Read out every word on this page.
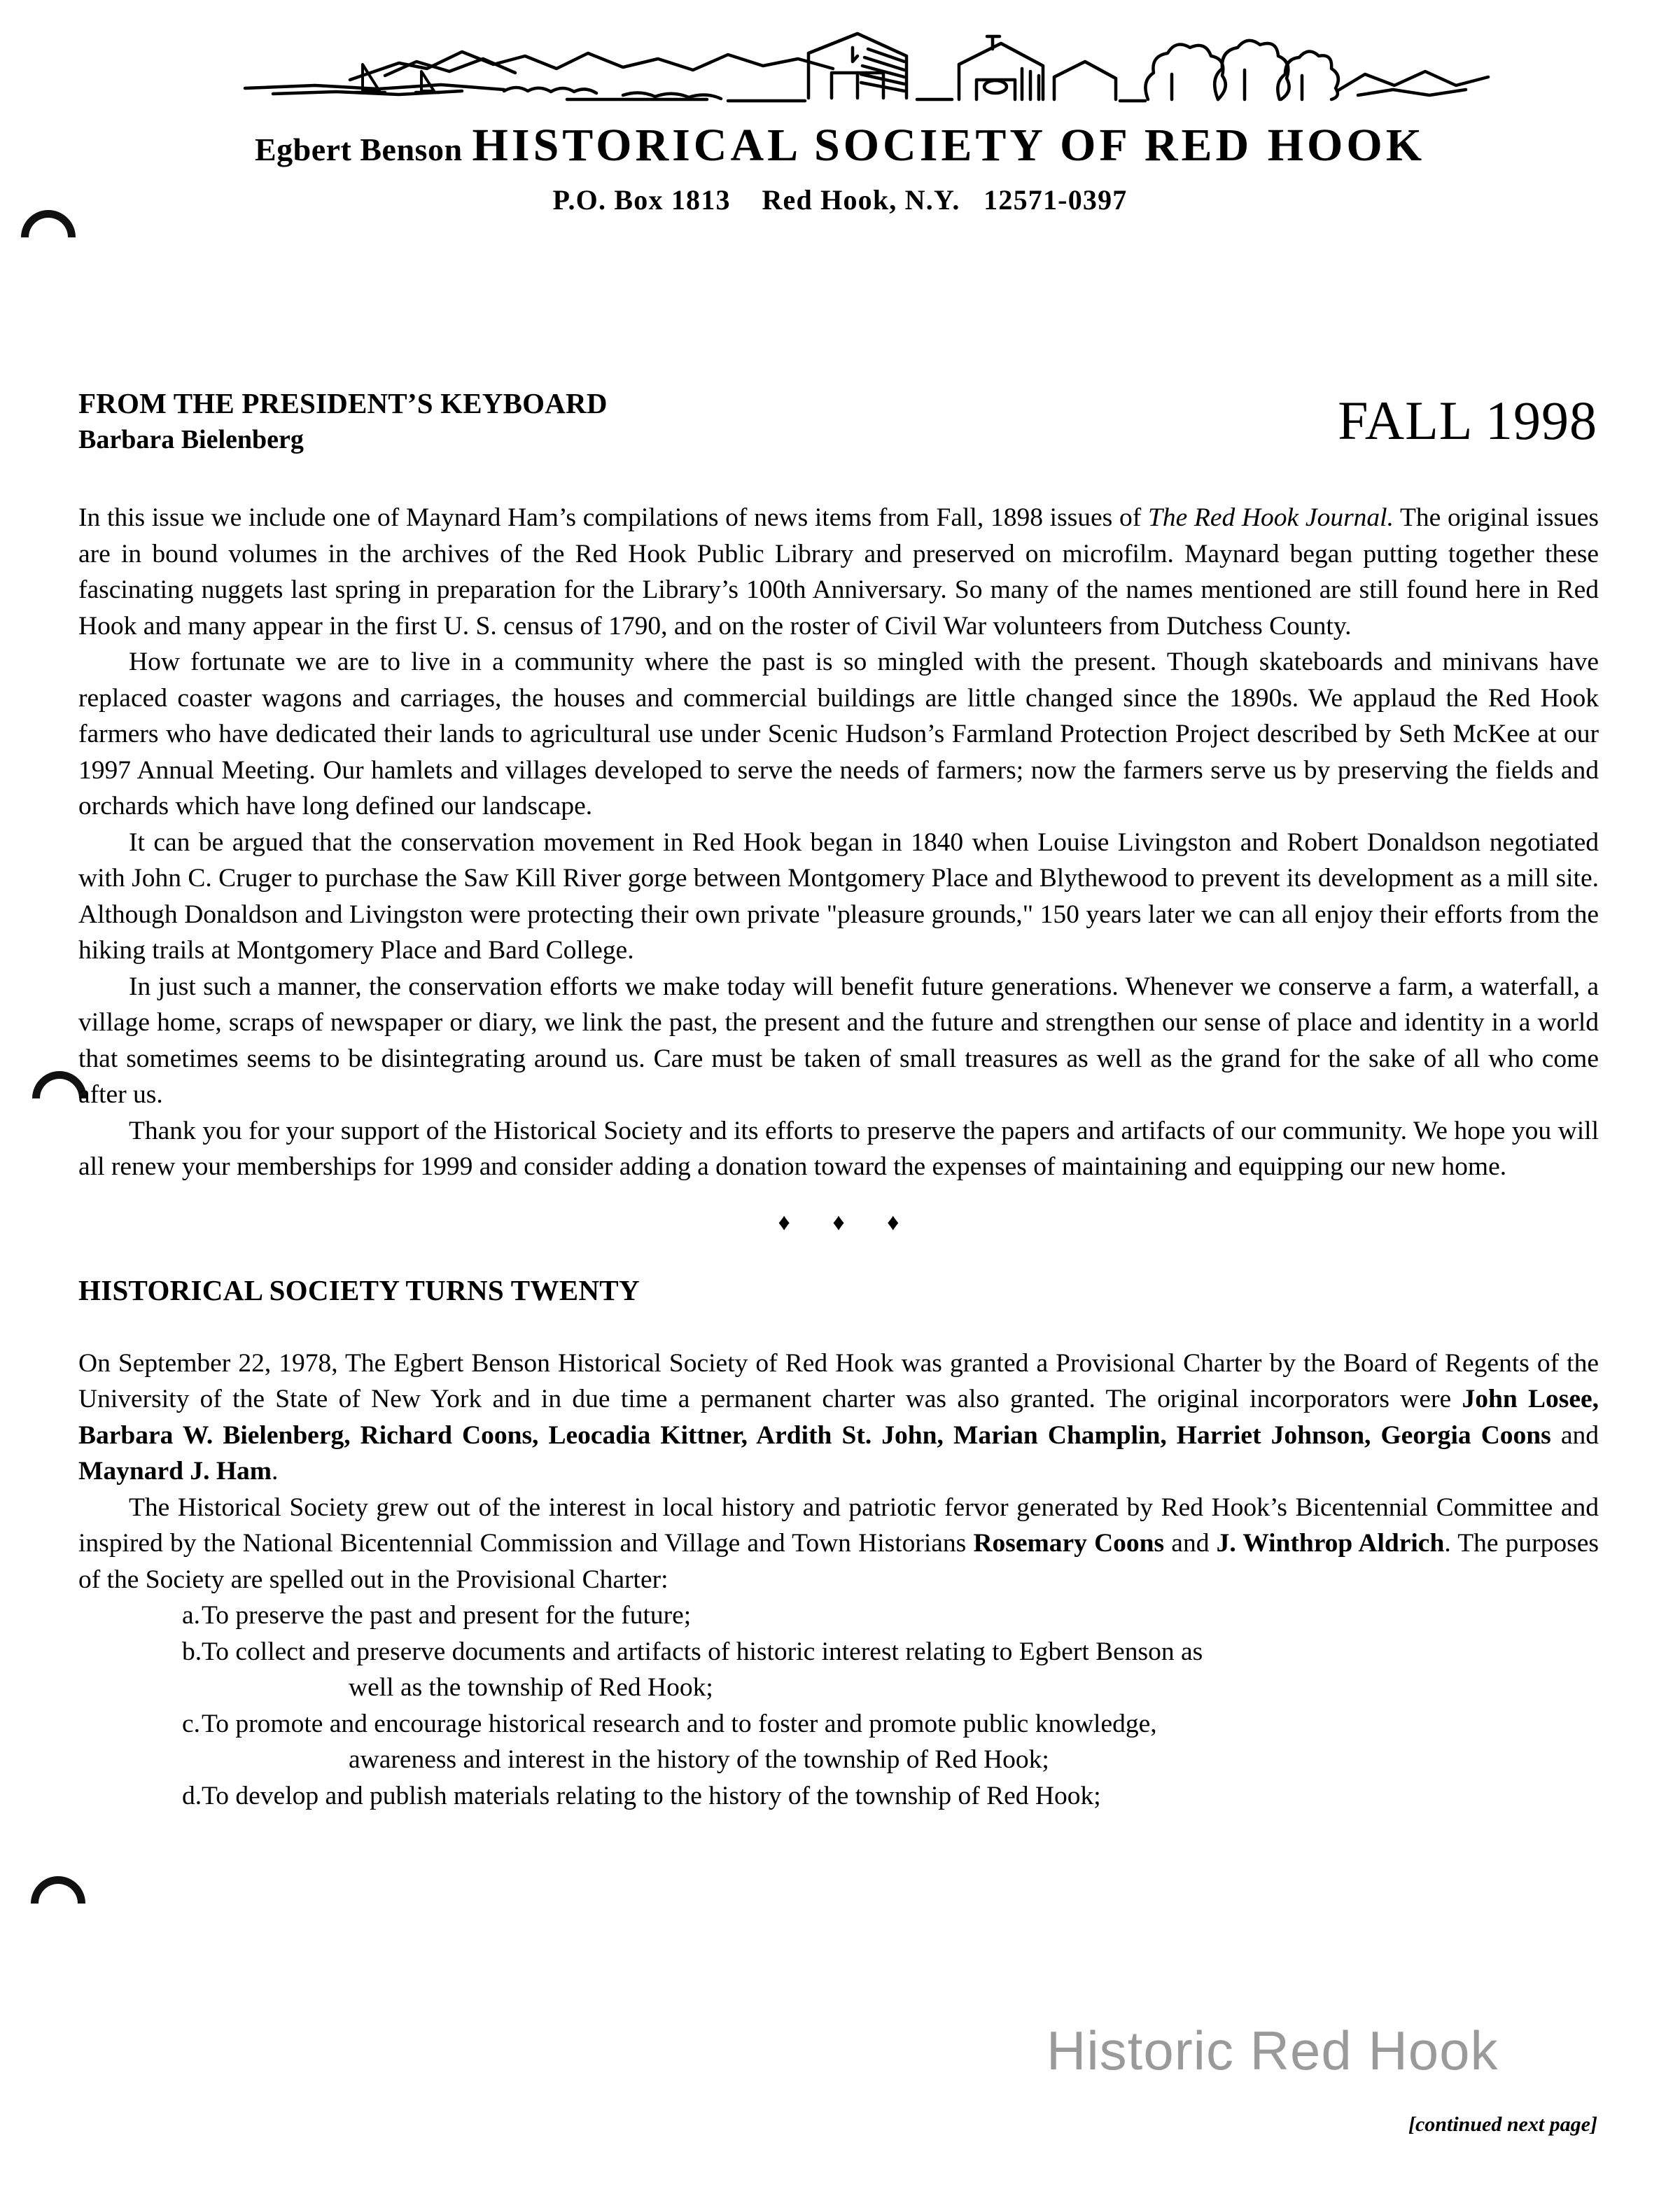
Egbert Benson HISTORICAL SOCIETY OF RED HOOK
P.O. Box 1813    Red Hook, N.Y.   12571-0397
FROM THE PRESIDENT’S KEYBOARD
Barbara Bielenberg	FALL 1998

In this issue we include one of Maynard Ham’s compilations of news items from Fall, 1898 issues of The Red Hook Journal. The original issues are in bound volumes in the archives of the Red Hook Public Library and preserved on microfilm. Maynard began putting together these fascinating nuggets last spring in preparation for the Library’s 100th Anniversary. So many of the names mentioned are still found here in Red Hook and many appear in the first U. S. census of 1790, and on the roster of Civil War volunteers from Dutchess County.

How fortunate we are to live in a community where the past is so mingled with the present. Though skateboards and minivans have replaced coaster wagons and carriages, the houses and commercial buildings are little changed since the 1890s. We applaud the Red Hook farmers who have dedicated their lands to agricultural use under Scenic Hudson’s Farmland Protection Project described by Seth McKee at our 1997 Annual Meeting. Our hamlets and villages developed to serve the needs of farmers; now the farmers serve us by preserving the fields and orchards which have long defined our landscape.

It can be argued that the conservation movement in Red Hook began in 1840 when Louise Livingston and Robert Donaldson negotiated with John C. Cruger to purchase the Saw Kill River gorge between Montgomery Place and Blythewood to prevent its development as a mill site. Although Donaldson and Livingston were protecting their own private "pleasure grounds," 150 years later we can all enjoy their efforts from the hiking trails at Montgomery Place and Bard College.

In just such a manner, the conservation efforts we make today will benefit future generations. Whenever we conserve a farm, a waterfall, a village home, scraps of newspaper or diary, we link the past, the present and the future and strengthen our sense of place and identity in a world that sometimes seems to be disintegrating around us. Care must be taken of small treasures as well as the grand for the sake of all who come after us.

Thank you for your support of the Historical Society and its efforts to preserve the papers and artifacts of our community. We hope you will all renew your memberships for 1999 and consider adding a donation toward the expenses of maintaining and equipping our new home.

♦ ♦ ♦
HISTORICAL SOCIETY TURNS TWENTY

On September 22, 1978, The Egbert Benson Historical Society of Red Hook was granted a Provisional Charter by the Board of Regents of the University of the State of New York and in due time a permanent charter was also granted. The original incorporators were John Losee, Barbara W. Bielenberg, Richard Coons, Leocadia Kittner, Ardith St. John, Marian Champlin, Harriet Johnson, Georgia Coons and Maynard J. Ham.

The Historical Society grew out of the interest in local history and patriotic fervor generated by Red Hook’s Bicentennial Committee and inspired by the National Bicentennial Commission and Village and Town Historians Rosemary Coons and J. Winthrop Aldrich. The purposes of the Society are spelled out in the Provisional Charter:

a. To preserve the past and present for the future;
b. To collect and preserve documents and artifacts of historic interest relating to Egbert Benson as
well as the township of Red Hook;
c. To promote and encourage historical research and to foster and promote public knowledge,
awareness and interest in the history of the township of Red Hook;
d. To develop and publish materials relating to the history of the township of Red Hook;
Historic Red Hook
[continued next page]
